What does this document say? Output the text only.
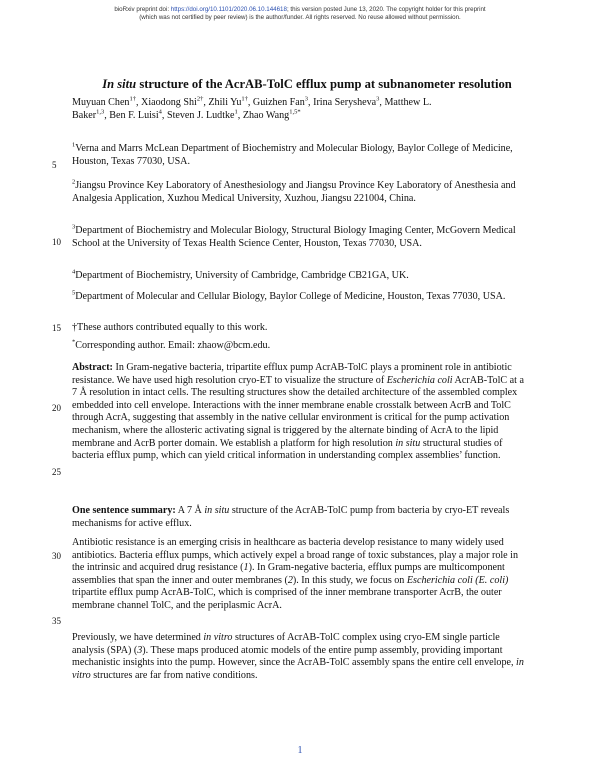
bioRxiv preprint doi: https://doi.org/10.1101/2020.06.10.144618; this version posted June 13, 2020. The copyright holder for this preprint
(which was not certified by peer review) is the author/funder. All rights reserved. No reuse allowed without permission.
In situ structure of the AcrAB-TolC efflux pump at subnanometer resolution
Muyuan Chen$^{1\dagger}$, Xiaodong Shi$^{2\dagger}$, Zhili $Yu^{1\dagger}$, Guizhen Fan$^3$, Irina Serysheva$^3$, Matthew L.
Baker$^{1,3}$, Ben F. Luisi$^4$, Steven J. Ludtke$^1$, Zhao Wang$^{1,5*}$
$^1$Verna and Marrs McLean Department of Biochemistry and Molecular Biology, Baylor College of Medicine, Houston, Texas 77030, USA.
$^2$Jiangsu Province Key Laboratory of Anesthesiology and Jiangsu Province Key Laboratory of Anesthesia and Analgesia Application, Xuzhou Medical University, Xuzhou, Jiangsu 221004, China.
$^3$Department of Biochemistry and Molecular Biology, Structural Biology Imaging Center, McGovern Medical School at the University of Texas Health Science Center, Houston, Texas 77030, USA.
$^4$Department of Biochemistry, University of Cambridge, Cambridge CB21GA, UK.
$^5$Department of Molecular and Cellular Biology, Baylor College of Medicine, Houston, Texas 77030, USA.
†These authors contributed equally to this work.
*Corresponding author. Email: zhaow@bcm.edu.
Abstract: In Gram-negative bacteria, tripartite efflux pump AcrAB-TolC plays a prominent role in antibiotic resistance. We have used high resolution cryo-ET to visualize the structure of Escherichia coli AcrAB-TolC at a 7 Å resolution in intact cells. The resulting structures show the detailed architecture of the assembled complex embedded into cell envelope. Interactions with the inner membrane enable crosstalk between AcrB and TolC through AcrA, suggesting that assembly in the native cellular environment is critical for the pump activation mechanism, where the allosteric activating signal is triggered by the alternate binding of AcrA to the lipid membrane and AcrB porter domain. We establish a platform for high resolution in situ structural studies of bacteria efflux pump, which can yield critical information in understanding complex assemblies’ function.
One sentence summary: A 7 Å in situ structure of the AcrAB-TolC pump from bacteria by cryo-ET reveals mechanisms for active efflux.
Antibiotic resistance is an emerging crisis in healthcare as bacteria develop resistance to many widely used antibiotics. Bacteria efflux pumps, which actively expel a broad range of toxic substances, play a major role in the intrinsic and acquired drug resistance (1). In Gram-negative bacteria, efflux pumps are multicomponent assemblies that span the inner and outer membranes (2). In this study, we focus on Escherichia coli (E. coli) tripartite efflux pump AcrAB-TolC, which is comprised of the inner membrane transporter AcrB, the outer membrane channel TolC, and the periplasmic AcrA.
Previously, we have determined in vitro structures of AcrAB-TolC complex using cryo-EM single particle analysis (SPA) (3). These maps produced atomic models of the entire pump assembly, providing important mechanistic insights into the pump. However, since the AcrAB-TolC assembly spans the entire cell envelope, in vitro structures are far from native conditions.
5
10
15
20
25
30
35
1
